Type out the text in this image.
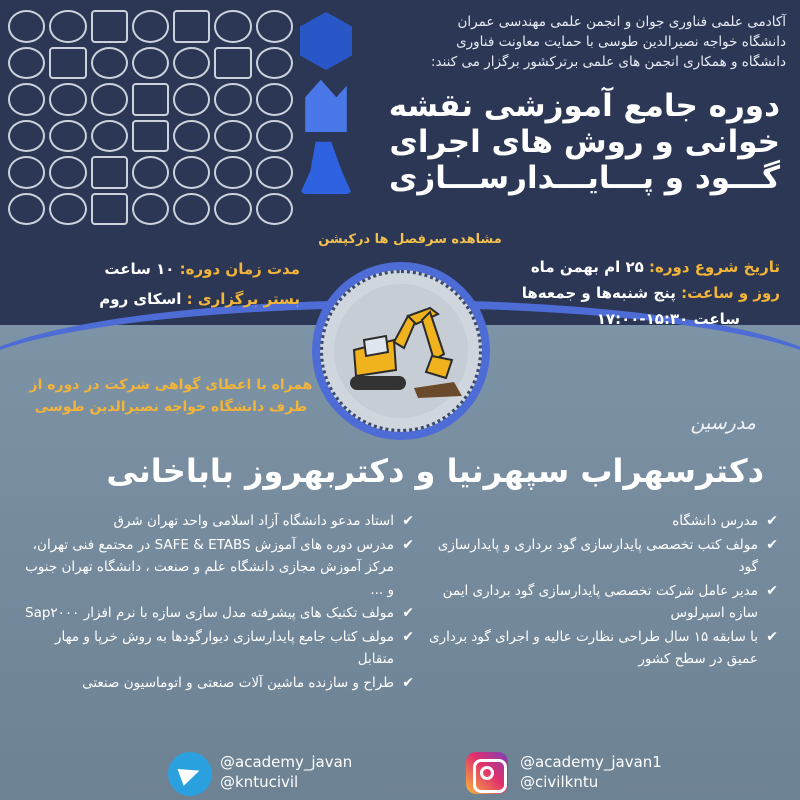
آکادمی علمی فناوری جوان و انجمن علمی مهندسی عمران
دانشگاه خواجه نصیرالدین طوسی با حمایت معاونت فناوری
دانشگاه و همکاری انجمن های علمی برترکشور برگزار می کنند:
دوره جامع آموزشی نقشه
خوانی و روش های اجرای
گـــود و پـــایـــدارســـازی
مشاهده سرفصل ها درکپشن
تاریخ شروع دوره: ۲۵ ام بهمن ماه
روز و ساعت: پنج شنبه‌ها و جمعه‌ها
ساعت ۱۵:۳۰-۱۷:۰۰
مدت زمان دوره: ۱۰ ساعت
بستر برگزاری : اسکای روم
همراه با اعطای گواهی شرکت در دوره از
طرف دانشگاه خواجه نصیرالدین طوسی
مدرسین
دکترسهراب سپهرنیا و دکتربهروز باباخانی
✔
مدرس دانشگاه
✔
مولف کتب تخصصی پایدارسازی گود برداری و پایدارسازی گود
✔
مدیر عامل شرکت تخصصی پایدارسازی گود برداری ایمن سازه اسپرلوس
✔
با سابقه ۱۵ سال طراحی نظارت عالیه و اجرای گود برداری عمیق در سطح کشور
✔
استاد مدعو دانشگاه آزاد اسلامی واحد تهران شرق
✔
مدرس دوره های آموزش SAFE & ETABS در مجتمع فنی تهران، مرکز آموزش مجازی دانشگاه علم و صنعت ، دانشگاه تهران جنوب و ...
✔
مولف تکنیک های پیشرفته مدل سازی سازه با نرم افزار Sap۲۰۰۰
✔
مولف کتاب جامع پایدارسازی دیوارگودها به روش خرپا و مهار متقابل
✔
طراح و سازنده ماشین آلات صنعتی و اتوماسیون صنعتی
@academy_javan
@kntucivil
@academy_javan1
@civilkntu
